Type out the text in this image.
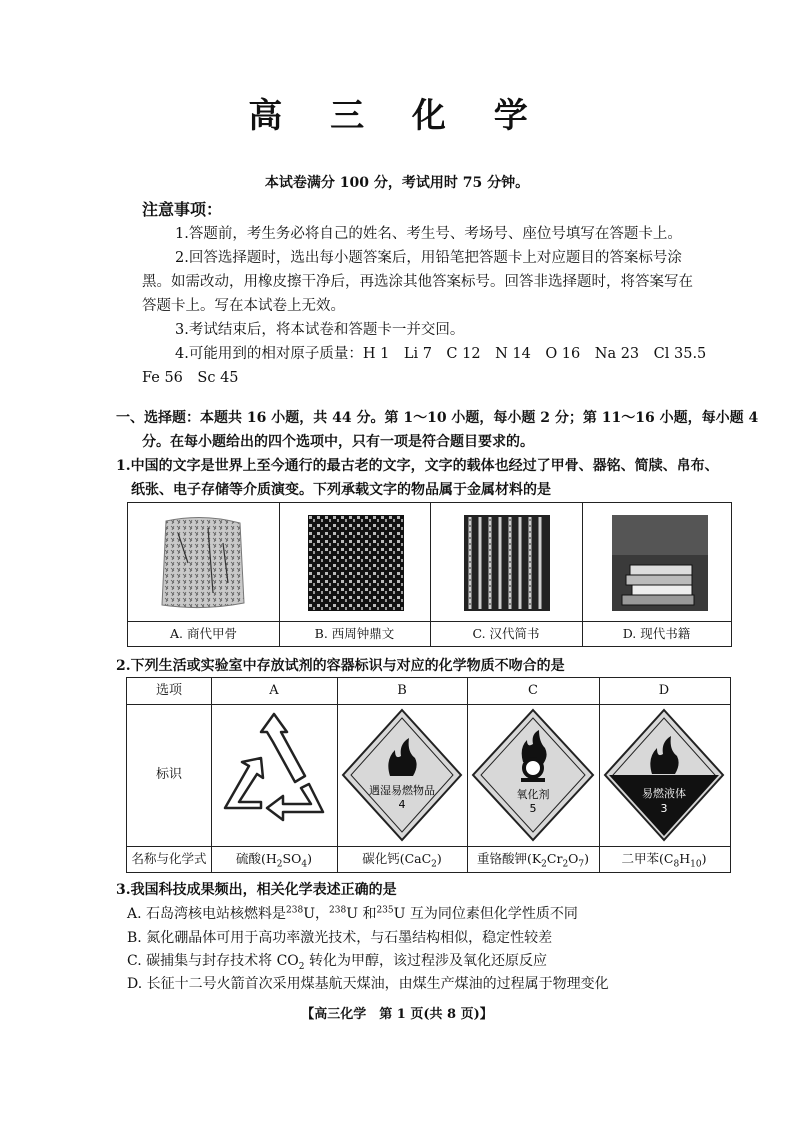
高 三 化 学
本试卷满分 100 分，考试用时 75 分钟。
注意事项：
1.答题前，考生务必将自己的姓名、考生号、考场号、座位号填写在答题卡上。
2.回答选择题时，选出每小题答案后，用铅笔把答题卡上对应题目的答案标号涂
黑。如需改动，用橡皮擦干净后，再选涂其他答案标号。回答非选择题时，将答案写在
答题卡上。写在本试卷上无效。
3.考试结束后，将本试卷和答题卡一并交回。
4.可能用到的相对原子质量：H 1　Li 7　C 12　N 14　O 16　Na 23　Cl 35.5
Fe 56　Sc 45
一、选择题：本题共 16 小题，共 44 分。第 1～10 小题，每小题 2 分；第 11～16 小题，每小题 4
分。在每小题给出的四个选项中，只有一项是符合题目要求的。
1.中国的文字是世界上至今通行的最古老的文字，文字的载体也经过了甲骨、器铭、简牍、帛布、
纸张、电子存储等介质演变。下列承载文字的物品属于金属材料的是
A. 商代甲骨	B. 西周钟鼎文	C. 汉代简书	D. 现代书籍
2.下列生活或实验室中存放试剂的容器标识与对应的化学物质不吻合的是
选项	A	B	C	D
标识
遇湿易燃物品
4
氧化剂
5
易燃液体
3
名称与化学式	硫酸$(H_2SO_4)$	碳化钙(CaC$_2$)	重铬酸钾$(K_2Cr_2O_7)$	二甲苯$(C_8H_{10})$
3.我国科技成果频出，相关化学表述正确的是
A. 石岛湾核电站核燃料是$^{238}$U，$^{238}$U 和$^{235}$U 互为同位素但化学性质不同
B. 氮化硼晶体可用于高功率激光技术，与石墨结构相似，稳定性较差
C. 碳捕集与封存技术将 $CO_2$ 转化为甲醇，该过程涉及氧化还原反应
D. 长征十二号火箭首次采用煤基航天煤油，由煤生产煤油的过程属于物理变化
【高三化学　第 1 页(共 8 页)】
